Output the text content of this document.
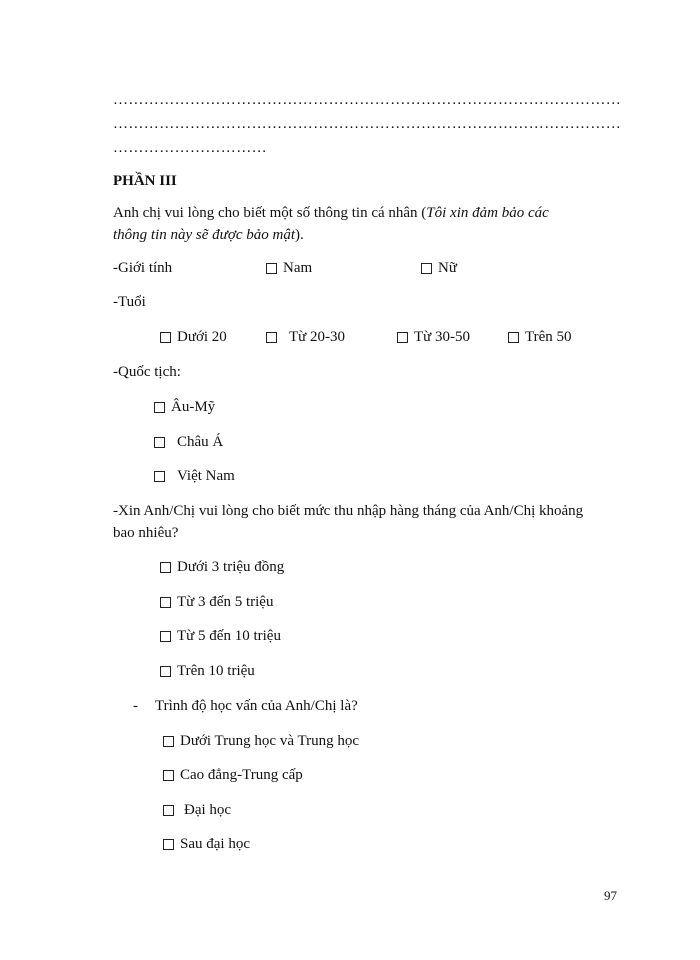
………………………………………………………………………………………
………………………………………………………………………………………
…………………………
PHẦN III
Anh chị vui lòng cho biết một số thông tin cá nhân (Tôi xin đảm bảo các
thông tin này sẽ được bảo mật).
-Giới tính	Nam	Nữ
-Tuổi
Dưới 20	Từ 20-30	Từ 30-50	Trên 50
-Quốc tịch:
Âu-Mỹ
Châu Á
Việt Nam
-Xin Anh/Chị vui lòng cho biết mức thu nhập hàng tháng của Anh/Chị khoảng
bao nhiêu?
Dưới 3 triệu đồng
Từ 3 đến 5 triệu
Từ 5 đến 10 triệu
Trên 10 triệu
- Trình độ học vấn của Anh/Chị là?
Dưới Trung học và Trung học
Cao đẳng-Trung cấp
Đại học
Sau đại học
97
